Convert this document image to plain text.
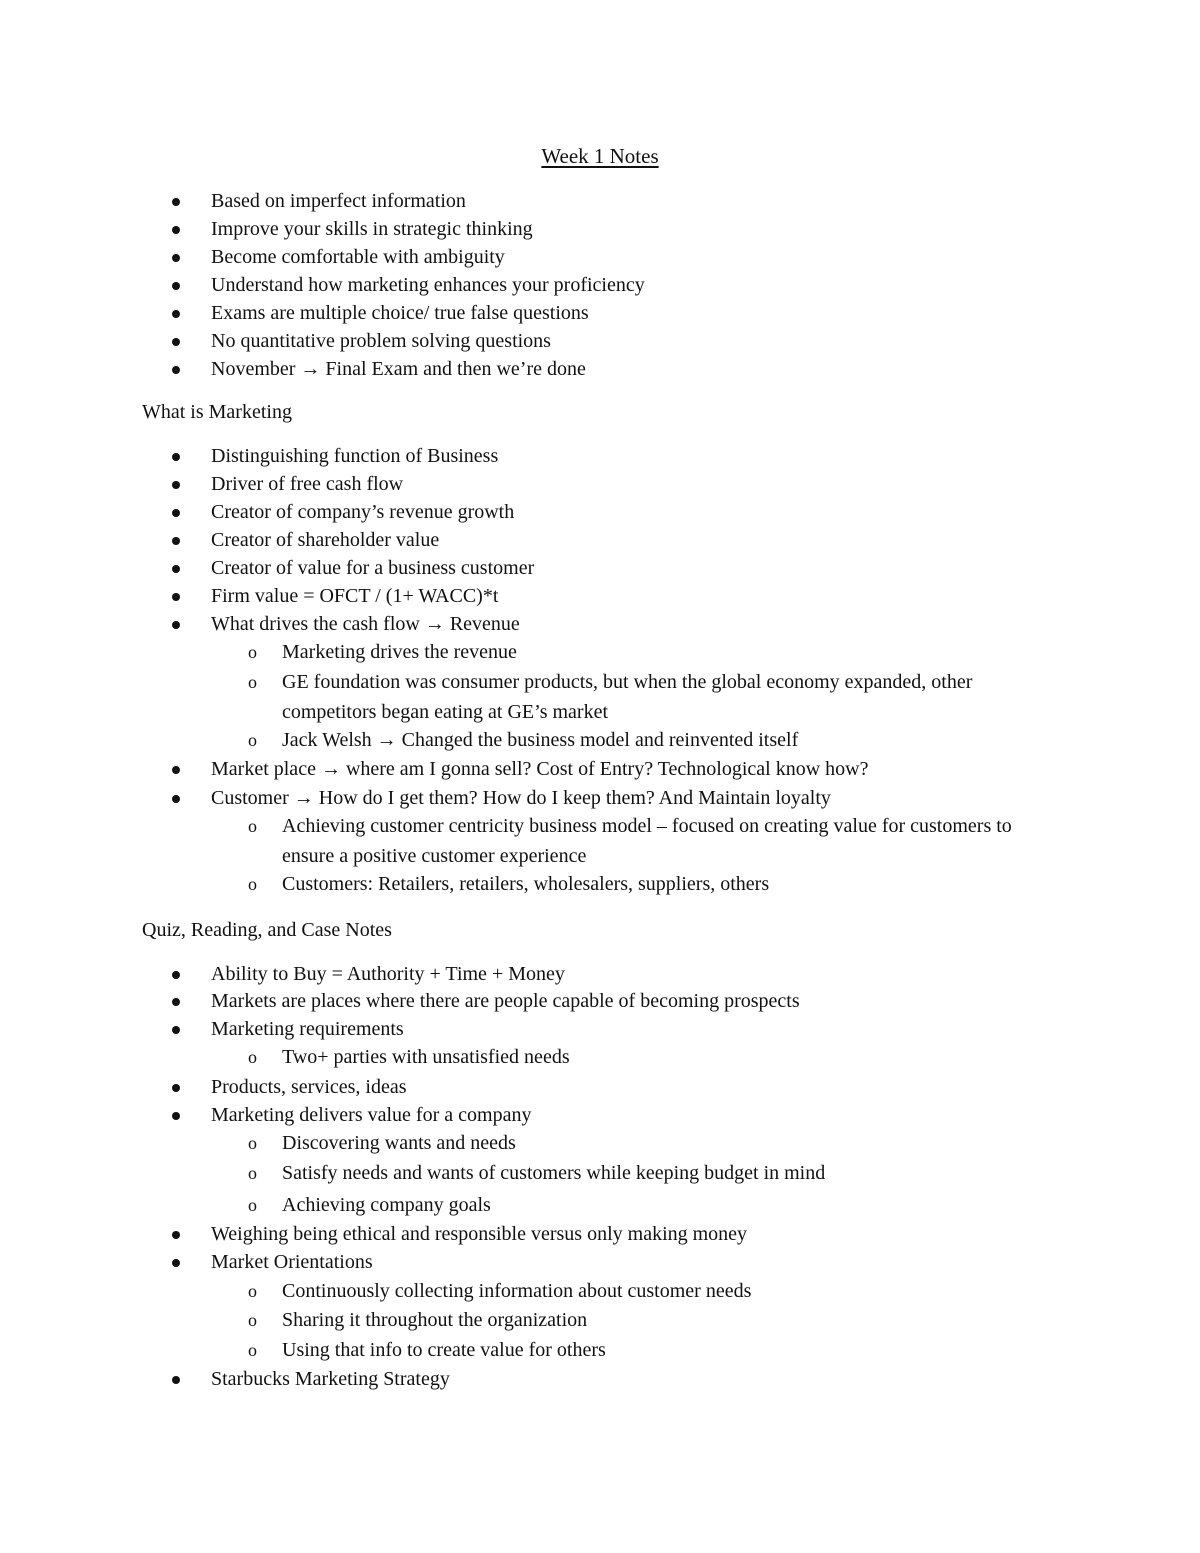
Week 1 Notes
Based on imperfect information
Improve your skills in strategic thinking
Become comfortable with ambiguity
Understand how marketing enhances your proficiency
Exams are multiple choice/ true false questions
No quantitative problem solving questions
November → Final Exam and then we’re done
What is Marketing
Distinguishing function of Business
Driver of free cash flow
Creator of company’s revenue growth
Creator of shareholder value
Creator of value for a business customer
Firm value = OFCT / (1+ WACC)*t
What drives the cash flow → Revenue
o Marketing drives the revenue
o GE foundation was consumer products, but when the global economy expanded, other competitors began eating at GE’s market
o Jack Welsh → Changed the business model and reinvented itself
Market place → where am I gonna sell? Cost of Entry? Technological know how?
Customer → How do I get them? How do I keep them? And Maintain loyalty
o Achieving customer centricity business model – focused on creating value for customers to ensure a positive customer experience
o Customers: Retailers, retailers, wholesalers, suppliers, others
Quiz, Reading, and Case Notes
Ability to Buy = Authority + Time + Money
Markets are places where there are people capable of becoming prospects
Marketing requirements
o Two+ parties with unsatisfied needs
Products, services, ideas
Marketing delivers value for a company
o Discovering wants and needs
o Satisfy needs and wants of customers while keeping budget in mind
o Achieving company goals
Weighing being ethical and responsible versus only making money
Market Orientations
o Continuously collecting information about customer needs
o Sharing it throughout the organization
o Using that info to create value for others
Starbucks Marketing Strategy
